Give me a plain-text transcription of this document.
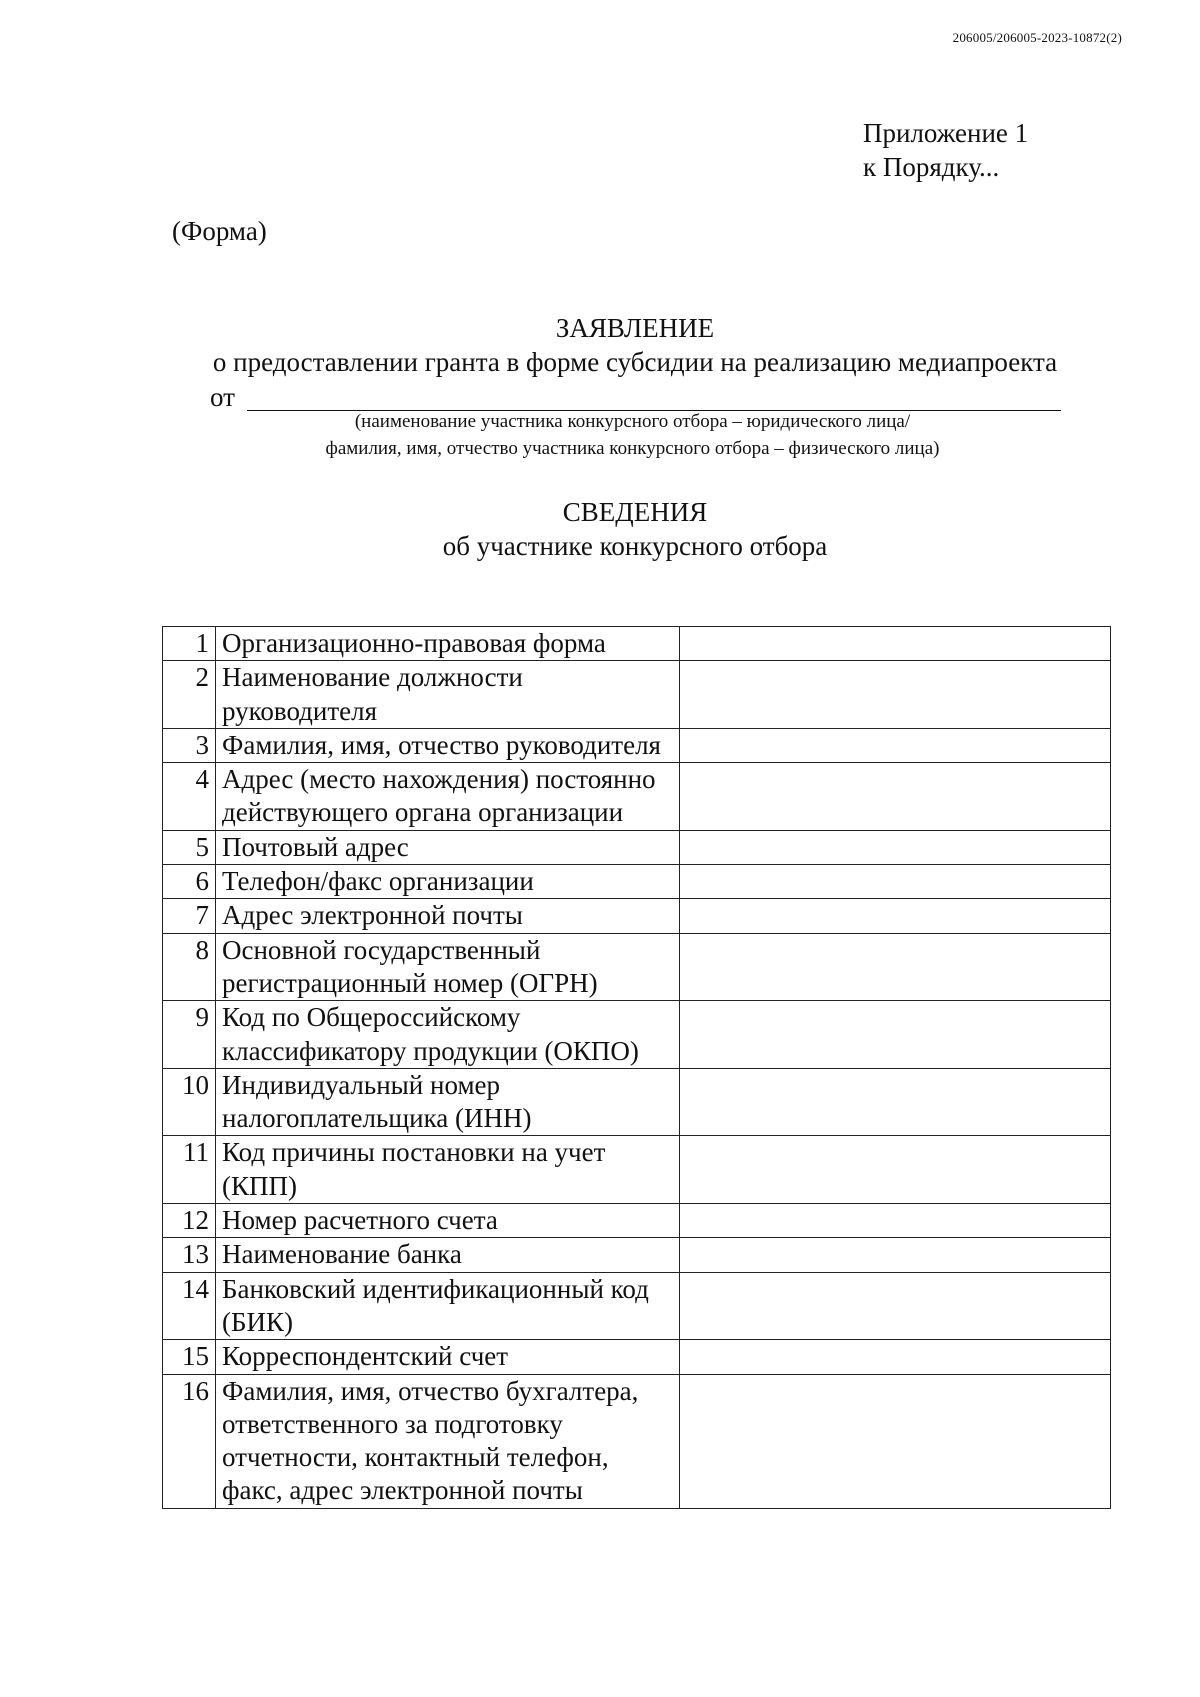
206005/206005-2023-10872(2)
Приложение 1
к Порядку...
(Форма)
ЗАЯВЛЕНИЕ
о предоставлении гранта в форме субсидии на реализацию медиапроекта
от
(наименование участника конкурсного отбора – юридического лица/
фамилия, имя, отчество участника конкурсного отбора – физического лица)
СВЕДЕНИЯ
об участнике конкурсного отбора
1	Организационно-правовая форма	
2	Наименование должности руководителя	
3	Фамилия, имя, отчество руководителя	
4	Адрес (место нахождения) постоянно действующего органа организации	
5	Почтовый адрес	
6	Телефон/факс организации	
7	Адрес электронной почты	
8	Основной государственный регистрационный номер (ОГРН)	
9	Код по Общероссийскому классификатору продукции (ОКПО)	
10	Индивидуальный номер налогоплательщика (ИНН)	
11	Код причины постановки на учет (КПП)	
12	Номер расчетного счета	
13	Наименование банка	
14	Банковский идентификационный код (БИК)	
15	Корреспондентский счет	
16	Фамилия, имя, отчество бухгалтера, ответственного за подготовку отчетности, контактный телефон, факс, адрес электронной почты	
